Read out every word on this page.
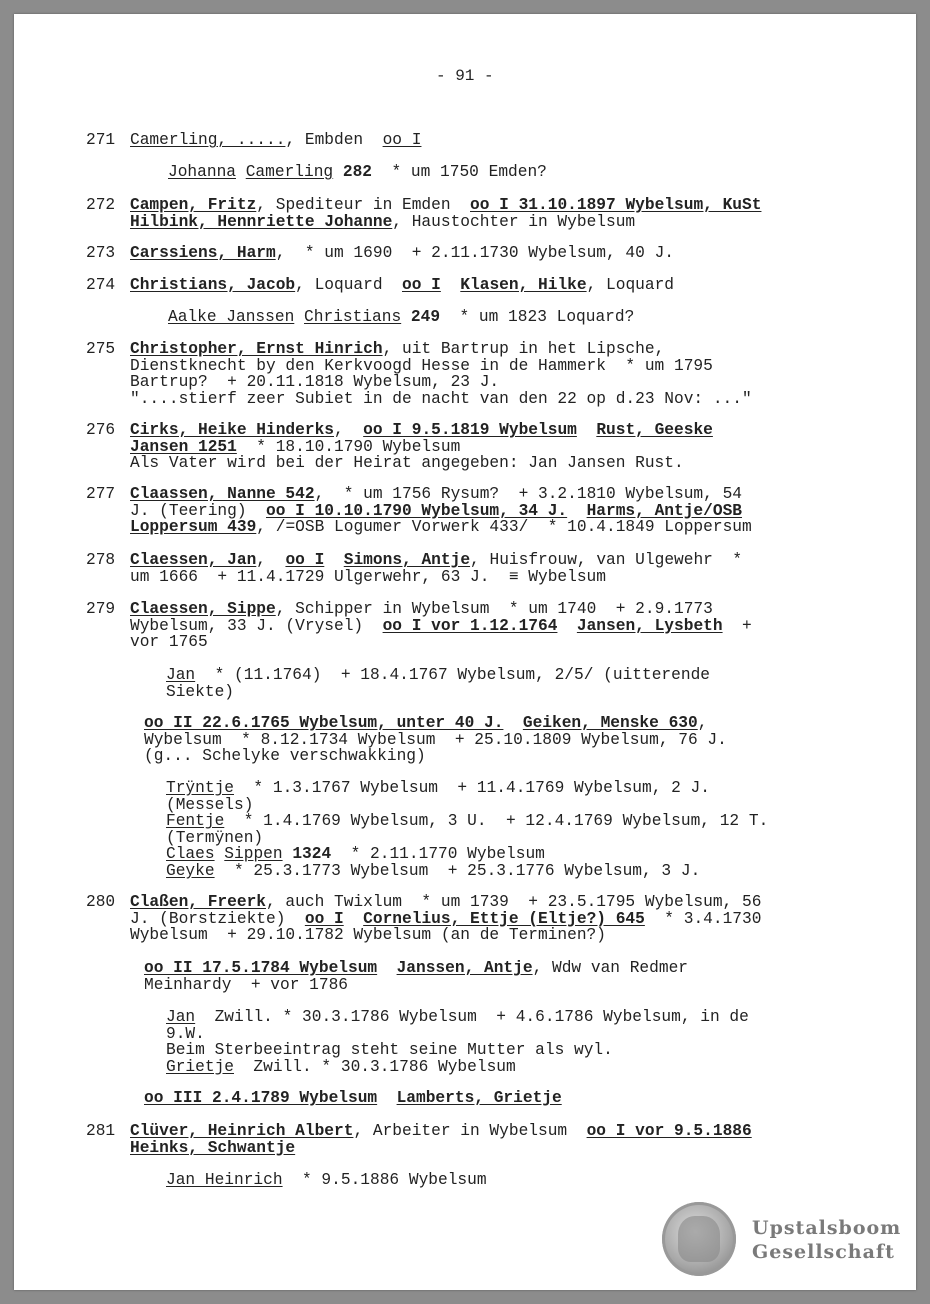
- 91 -
271 Camerling, ....., Embden  oo I
Johanna Camerling 282  * um 1750 Emden?
272 Campen, Fritz, Spediteur in Emden  oo I 31.10.1897 Wybelsum, KuSt
Hilbink, Hennriette Johanne, Haustochter in Wybelsum
273 Carssiens, Harm,  * um 1690  + 2.11.1730 Wybelsum, 40 J.
274 Christians, Jacob, Loquard  oo I Klasen, Hilke, Loquard
Aalke Janssen Christians 249  * um 1823 Loquard?
275 Christopher, Ernst Hinrich, uit Bartrup in het Lipsche,
Dienstknecht by den Kerkvoogd Hesse in de Hammerk  * um 1795
Bartrup?  + 20.11.1818 Wybelsum, 23 J.
"....stierf zeer Subiet in de nacht van den 22 op d.23 Nov: ..."
276 Cirks, Heike Hinderks,  oo I 9.5.1819 Wybelsum Rust, Geeske
Jansen 1251  * 18.10.1790 Wybelsum
Als Vater wird bei der Heirat angegeben: Jan Jansen Rust.
277 Claassen, Nanne 542,  * um 1756 Rysum?  + 3.2.1810 Wybelsum, 54
J. (Teering)  oo I 10.10.1790 Wybelsum, 34 J. Harms, Antje/OSB
Loppersum 439, /=OSB Logumer Vorwerk 433/  * 10.4.1849 Loppersum
278 Claessen, Jan,  oo I Simons, Antje, Huisfrouw, van Ulgewehr  *
um 1666  + 11.4.1729 Ulgerwehr, 63 J.  ≡ Wybelsum
279 Claessen, Sippe, Schipper in Wybelsum  * um 1740  + 2.9.1773
Wybelsum, 33 J. (Vrysel)  oo I vor 1.12.1764 Jansen, Lysbeth  +
vor 1765
Jan  * (11.1764)  + 18.4.1767 Wybelsum, 2/5/ (uitterende
Siekte)
oo II 22.6.1765 Wybelsum, unter 40 J. Geiken, Menske 630,
Wybelsum  * 8.12.1734 Wybelsum  + 25.10.1809 Wybelsum, 76 J.
(g... Schelyke verschwakking)
Trÿntje  * 1.3.1767 Wybelsum  + 11.4.1769 Wybelsum, 2 J.
(Messels)
Fentje  * 1.4.1769 Wybelsum, 3 U.  + 12.4.1769 Wybelsum, 12 T.
(Termÿnen)
Claes Sippen 1324  * 2.11.1770 Wybelsum
Geyke  * 25.3.1773 Wybelsum  + 25.3.1776 Wybelsum, 3 J.
280 Claßen, Freerk, auch Twixlum  * um 1739  + 23.5.1795 Wybelsum, 56
J. (Borstziekte)  oo I Cornelius, Ettje (Eltje?) 645  * 3.4.1730
Wybelsum  + 29.10.1782 Wybelsum (an de Terminen?)
oo II 17.5.1784 Wybelsum Janssen, Antje, Wdw van Redmer
Meinhardy  + vor 1786
Jan  Zwill. * 30.3.1786 Wybelsum  + 4.6.1786 Wybelsum, in de
9.W.
Beim Sterbeeintrag steht seine Mutter als wyl.
Grietje  Zwill. * 30.3.1786 Wybelsum
oo III 2.4.1789 Wybelsum Lamberts, Grietje
281 Clüver, Heinrich Albert, Arbeiter in Wybelsum  oo I vor 9.5.1886
Heinks, Schwantje
Jan Heinrich  * 9.5.1886 Wybelsum
Upstalsboom
Gesellschaft
